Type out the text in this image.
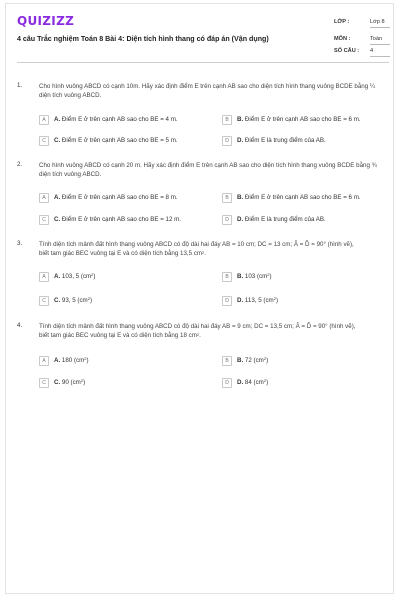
QUIZIZZ
4 câu Trắc nghiệm Toán 8 Bài 4: Diện tích hình thang có đáp án (Vận dụng)
LỚP :	Lớp 8
MÔN :	Toán
SỐ CÂU : 4
1.	Cho hình vuông ABCD có cạnh 10m. Hãy xác định điểm E trên cạnh AB sao cho diện tích hình thang vuông BCDE bằng ¼ diện tích vuông ABCD.
A	A. Điểm E ở trên cạnh AB sao cho BE = 4 m.	B	B. Điểm E ở trên cạnh AB sao cho BE = 6 m.
C	C. Điểm E ở trên cạnh AB sao cho BE = 5 m.	D	D. Điểm E là trung điểm của AB.
2.	Cho hình vuông ABCD có cạnh 20 m. Hãy xác định điểm E trên cạnh AB sao cho diện tích hình thang vuông BCDE bằng ¾ diện tích vuông ABCD.
A	A. Điểm E ở trên cạnh AB sao cho BE = 8 m.	B	B. Điểm E ở trên cạnh AB sao cho BE = 6 m.
C	C. Điểm E ở trên cạnh AB sao cho BE = 12 m.	D	D. Điểm E là trung điểm của AB.
3.	Tính diện tích mảnh đất hình thang vuông ABCD có độ dài hai đáy AB = 10 cm; DC = 13 cm; Â = D̂ = 90° (hình vẽ),
biết tam giác BEC vuông tại E và có diện tích bằng 13,5 $cm^2$.
A	A. 103, 5 $(cm^2)$	B	B. 103 $(cm^2)$
C	C. 93, 5 $(cm^2)$	D	D. 113, 5 $(cm^2)$
4.	Tính diện tích mảnh đất hình thang vuông ABCD có độ dài hai đáy AB = 9 cm; DC = 13,5 cm; Â = D̂ = 90° (hình vẽ),
biết tam giác BEC vuông tại E và có diện tích bằng 18 $cm^2$.
A	A. 180 $(cm^2)$	B	B. 72 $(cm^2)$
C	C. 90 $(cm^2)$	D	D. 84 $(cm^2)$
